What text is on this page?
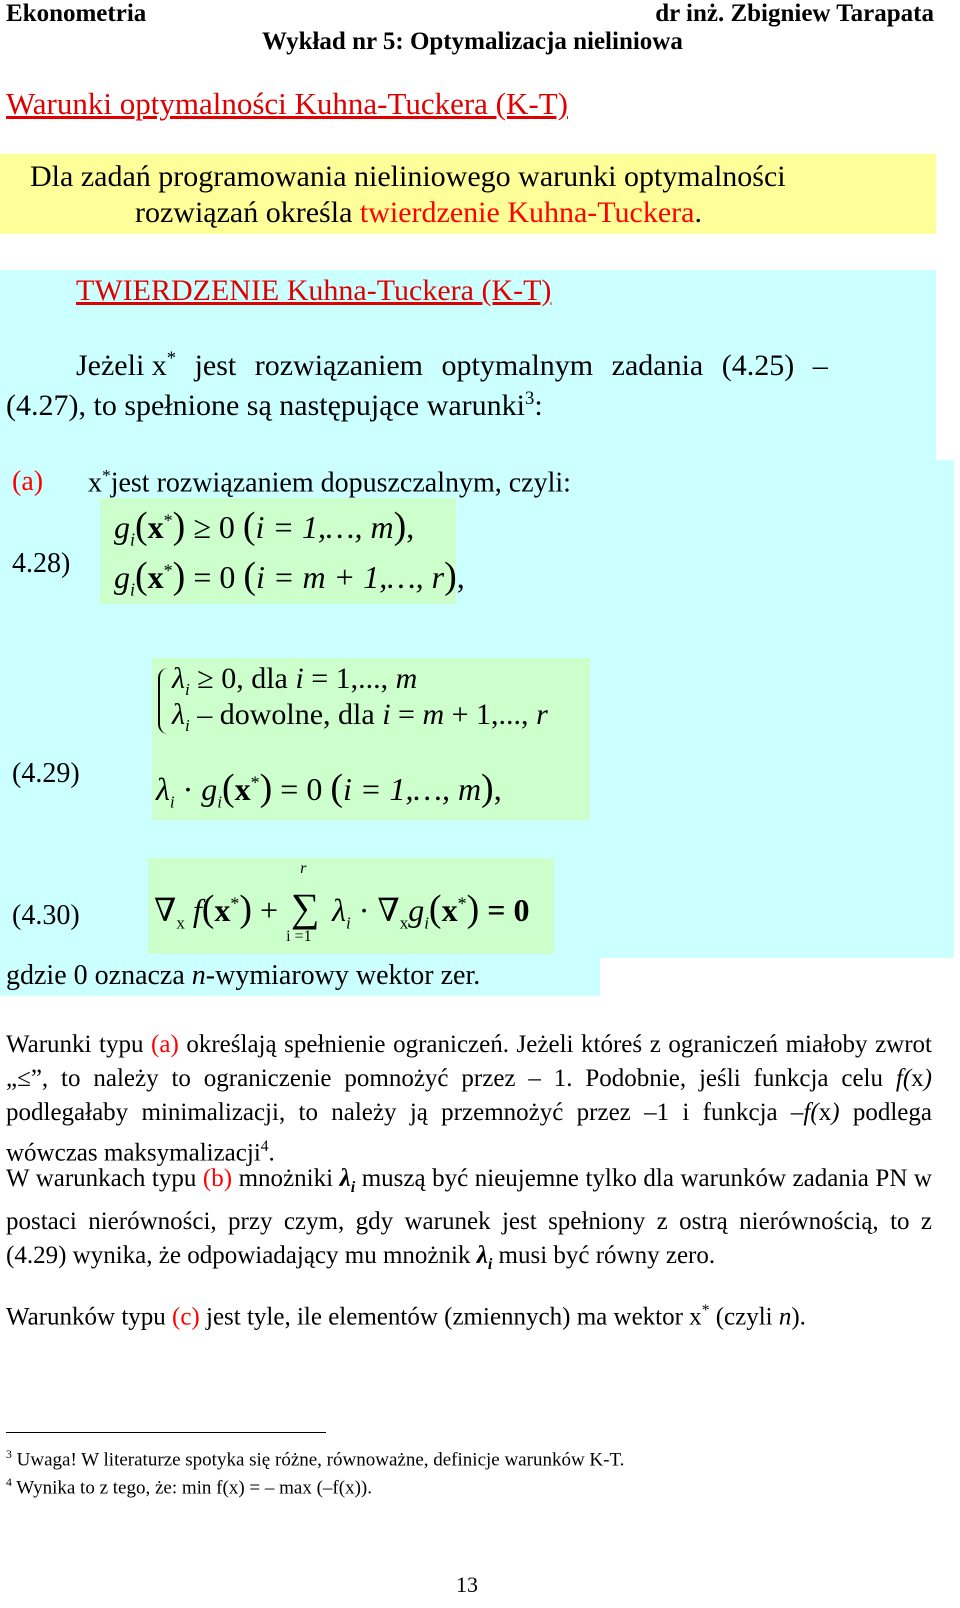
Ekonometria	dr inż. Zbigniew Tarapata
Wykład nr 5: Optymalizacja nieliniowa
Warunki optymalności Kuhna-Tuckera (K-T)
Dla zadań programowania nieliniowego warunki optymalności
rozwiązań określa twierdzenie Kuhna-Tuckera.
TWIERDZENIE Kuhna-Tuckera (K-T)
Jeżeli x* jest rozwiązaniem optymalnym zadania (4.25) –
(4.27), to spełnione są następujące warunki$^3$:
(a) x*jest rozwiązaniem dopuszczalnym, czyli:
4.28)
$g_i(x^*) \ge 0$ (i = 1,…, m),
$g_i(x^*) = 0$ (i = m + 1,…, r),
$\lambda_i \ge 0$, dla i = 1,..., m
$\lambda_i$ – dowolne, dla i = m + 1,..., r
$\lambda_i \cdot g_i(x^*) = 0$ (i = 1,…, m),
(4.29)
$\nabla_x$ f(x*) +
r
∑
i =1
$\lambda_i \cdot \nabla_xg_i(x^*) = 0$
(4.30)
gdzie 0 oznacza n-wymiarowy wektor zer.
Warunki typu (a) określają spełnienie ograniczeń. Jeżeli któreś z ograniczeń miałoby zwrot „≤”, to należy to ograniczenie pomnożyć przez – 1. Podobnie, jeśli funkcja celu f(x) podlegałaby minimalizacji, to należy ją przemnożyć przez –1 i funkcja –f(x) podlega wówczas maksymalizacji$^4$.
W warunkach typu (b) mnożniki $\lambda_i$ muszą być nieujemne tylko dla warunków zadania PN w postaci nierówności, przy czym, gdy warunek jest spełniony z ostrą nierównością, to z (4.29) wynika, że odpowiadający mu mnożnik $\lambda_i$ musi być równy zero.
Warunków typu (c) jest tyle, ile elementów (zmiennych) ma wektor x* (czyli n).
$^3$ Uwaga! W literaturze spotyka się różne, równoważne, definicje warunków K-T.
$^4$ Wynika to z tego, że: min f(x) = – max (–f(x)).
13
